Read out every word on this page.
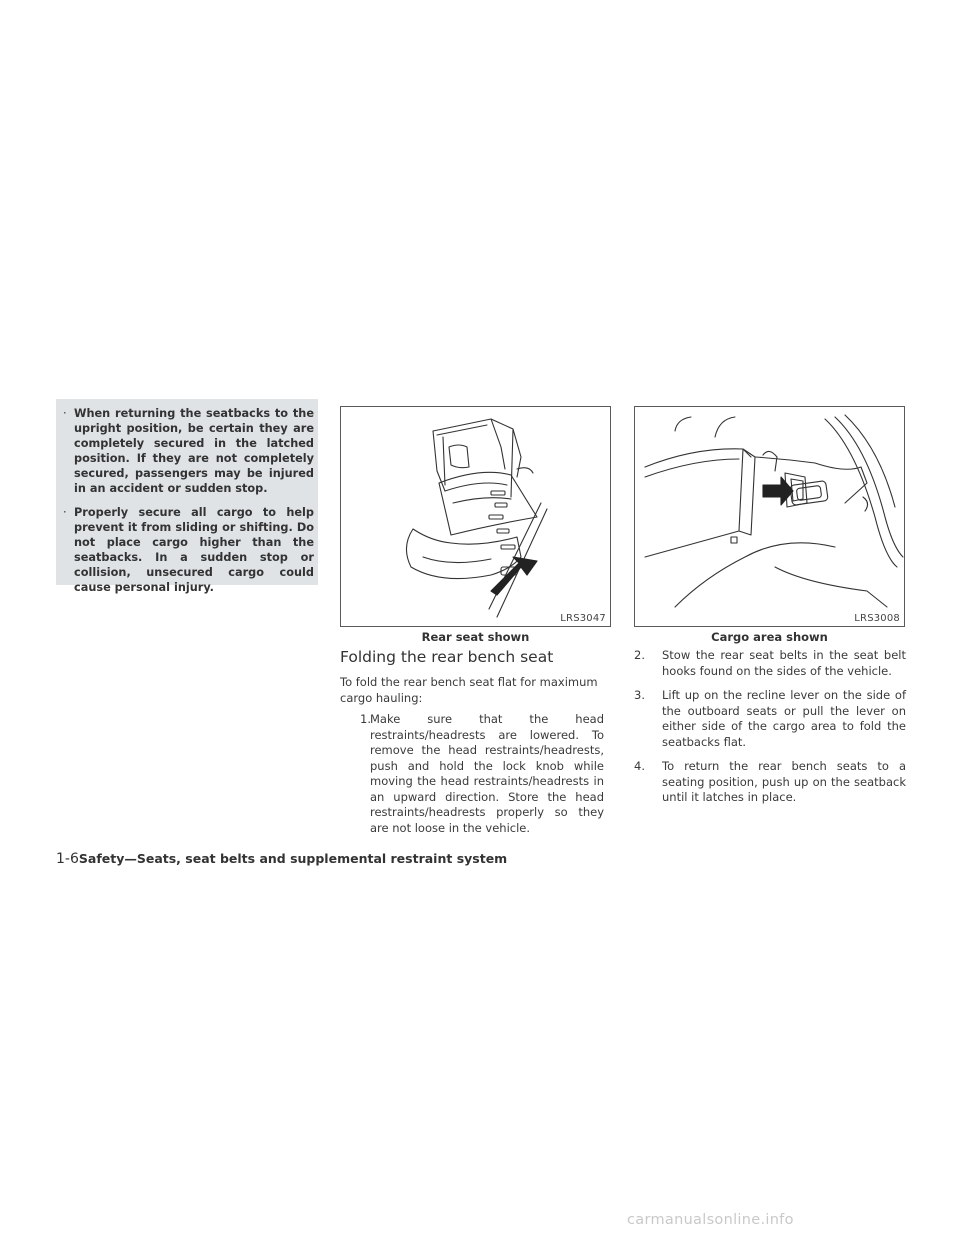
· When returning the seatbacks to the upright position, be certain they are completely secured in the latched position. If they are not completely secured, passengers may be injured in an accident or sudden stop.
· Properly secure all cargo to help prevent it from sliding or shifting. Do not place cargo higher than the seatbacks. In a sudden stop or collision, unsecured cargo could cause personal injury.
LRS3047
Rear seat shown
LRS3008
Cargo area shown
Folding the rear bench seat

To fold the rear bench seat flat for maximum cargo hauling:

1. Make sure that the head restraints/headrests are lowered. To remove the head restraints/headrests, push and hold the lock knob while moving the head restraints/headrests in an upward direction. Store the head restraints/headrests properly so they are not loose in the vehicle.
2. Stow the rear seat belts in the seat belt hooks found on the sides of the vehicle.
3. Lift up on the recline lever on the side of the outboard seats or pull the lever on either side of the cargo area to fold the seatbacks flat.
4. To return the rear bench seats to a seating position, push up on the seatback until it latches in place.
1-6Safety—Seats, seat belts and supplemental restraint system
carmanualsonline.info
